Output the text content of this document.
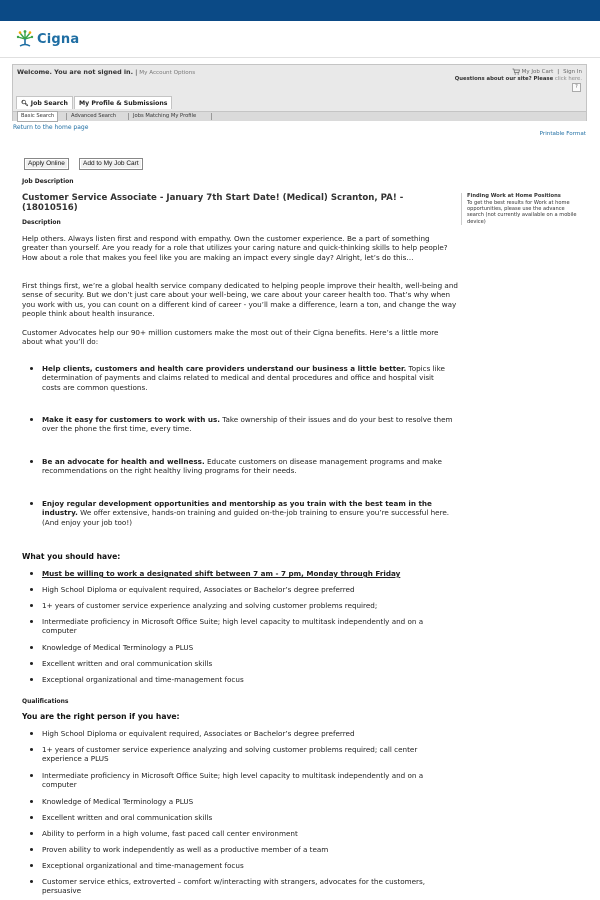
Cigna
Welcome. You are not signed in. | My Account Options	My Job Cart | Sign In
Questions about our site? Please click here.
?
Basic Search	Advanced Search	Jobs Matching My Profile
🔍︎ Job Search	My Profile & Submissions
Return to the home page
Printable Format
Apply Online	Add to My Job Cart
Job Description
Customer Service Associate - January 7th Start Date! (Medical) Scranton, PA! - (18010516)
Description
Finding Work at Home Positions
To get the best results for Work at home opportunities, please use the advance search (not currently available on a mobile device)

Help others. Always listen first and respond with empathy. Own the customer experience. Be a part of something greater than yourself. Are you ready for a role that utilizes your caring nature and quick-thinking skills to help people? How about a role that makes you feel like you are making an impact every single day? Alright, let’s do this…

First things first, we’re a global health service company dedicated to helping people improve their health, well-being and sense of security. But we don’t just care about your well-being, we care about your career health too. That’s why when you work with us, you can count on a different kind of career - you’ll make a difference, learn a ton, and change the way people think about health insurance.

Customer Advocates help our 90+ million customers make the most out of their Cigna benefits. Here’s a little more about what you’ll do:

Help clients, customers and health care providers understand our business a little better. Topics like determination of payments and claims related to medical and dental procedures and office and hospital visit costs are common questions.
Make it easy for customers to work with us. Take ownership of their issues and do your best to resolve them over the phone the first time, every time.
Be an advocate for health and wellness. Educate customers on disease management programs and make recommendations on the right healthy living programs for their needs.
Enjoy regular development opportunities and mentorship as you train with the best team in the industry. We offer extensive, hands-on training and guided on-the-job training to ensure you’re successful here. (And enjoy your job too!)
What you should have:
Must be willing to work a designated shift between 7 am - 7 pm, Monday through Friday
High School Diploma or equivalent required, Associates or Bachelor’s degree preferred
1+ years of customer service experience analyzing and solving customer problems required;
Intermediate proficiency in Microsoft Office Suite; high level capacity to multitask independently and on a computer
Knowledge of Medical Terminology a PLUS
Excellent written and oral communication skills
Exceptional organizational and time-management focus
Qualifications
You are the right person if you have:
High School Diploma or equivalent required, Associates or Bachelor’s degree preferred
1+ years of customer service experience analyzing and solving customer problems required; call center experience a PLUS
Intermediate proficiency in Microsoft Office Suite; high level capacity to multitask independently and on a computer
Knowledge of Medical Terminology a PLUS
Excellent written and oral communication skills
Ability to perform in a high volume, fast paced call center environment
Proven ability to work independently as well as a productive member of a team
Exceptional organizational and time-management focus
Customer service ethics, extroverted – comfort w/interacting with strangers, advocates for the customers, persuasive
